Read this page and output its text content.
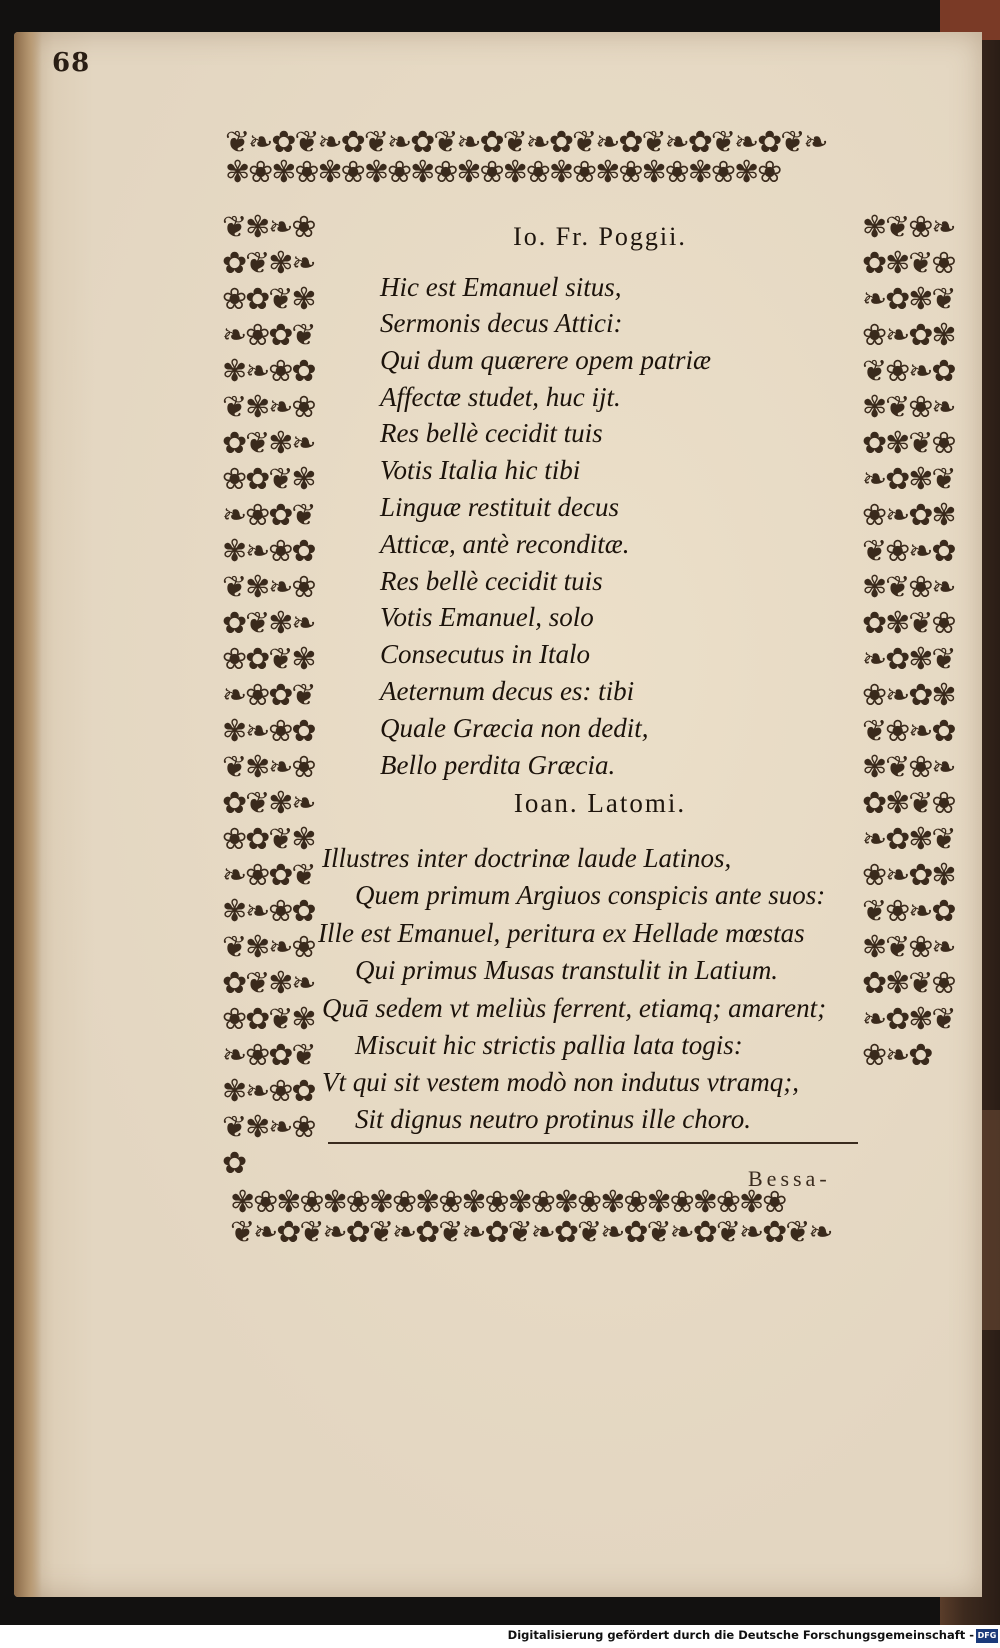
68
❦❧✿❦❧✿❦❧✿❦❧✿❦❧✿❦❧✿❦❧✿❦❧✿❦❧
✾❀✾❀✾❀✾❀✾❀✾❀✾❀✾❀✾❀✾❀✾❀✾❀
❦✾❧❀✿❦✾❧❀✿❦✾❧❀✿❦✾❧❀✿❦✾❧❀✿❦✾❧❀✿❦✾❧❀✿❦✾❧❀✿❦✾❧❀✿❦✾❧❀✿❦✾❧❀✿❦✾❧❀✿❦✾❧❀✿❦✾❧❀✿❦✾❧❀✿❦✾❧❀✿❦✾❧❀✿❦✾❧❀✿❦✾❧❀✿❦✾❧❀✿❦✾❧❀✿
✾❦❀❧✿✾❦❀❧✿✾❦❀❧✿✾❦❀❧✿✾❦❀❧✿✾❦❀❧✿✾❦❀❧✿✾❦❀❧✿✾❦❀❧✿✾❦❀❧✿✾❦❀❧✿✾❦❀❧✿✾❦❀❧✿✾❦❀❧✿✾❦❀❧✿✾❦❀❧✿✾❦❀❧✿✾❦❀❧✿✾❦❀❧✿
✾❀✾❀✾❀✾❀✾❀✾❀✾❀✾❀✾❀✾❀✾❀✾❀
❦❧✿❦❧✿❦❧✿❦❧✿❦❧✿❦❧✿❦❧✿❦❧✿❦❧
Io. Fr. Poggii.
Hic est Emanuel situs,
Sermonis decus Attici:
Qui dum quærere opem patriæ
Affectæ studet, huc ijt.
Res bellè cecidit tuis
Votis Italia hic tibi
Linguæ restituit decus
Atticæ, antè reconditæ.
Res bellè cecidit tuis
Votis Emanuel, solo
Consecutus in Italo
Aeternum decus es: tibi
Quale Græcia non dedit,
Bello perdita Græcia.
Ioan. Latomi.
Illustres inter doctrinæ laude Latinos,
Quem primum Argiuos conspicis ante suos:
Ille est Emanuel, peritura ex Hellade mœstas
Qui primus Musas transtulit in Latium.
Quā sedem vt meliùs ferrent, etiamq; amarent;
Miscuit hic strictis pallia lata togis:
Vt qui sit vestem modò non indutus vtramq;,
Sit dignus neutro protinus ille choro.
Bessa-
Digitalisierung gefördert durch die Deutsche Forschungsgemeinschaft - DFG
